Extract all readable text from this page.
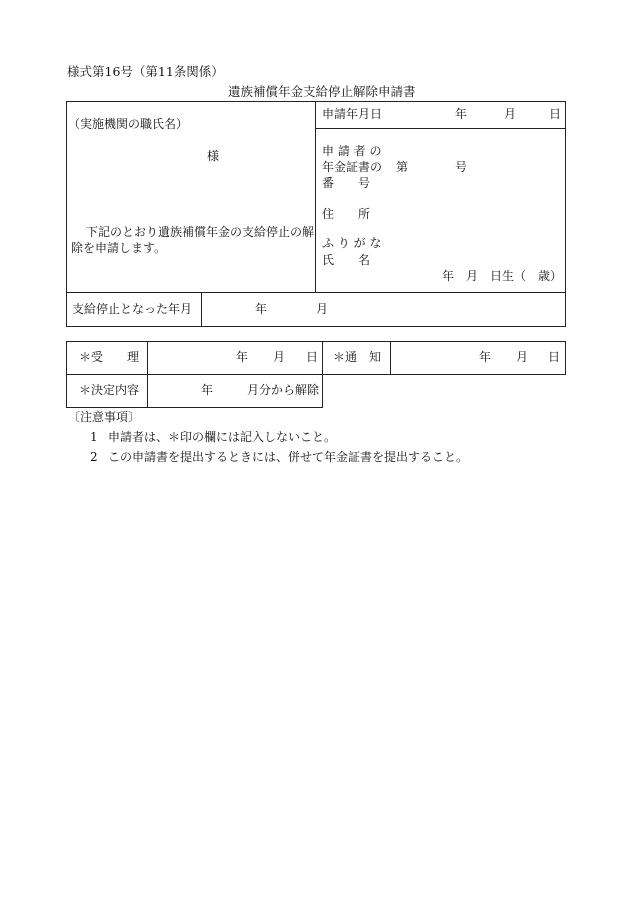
様式第16号（第11条関係）
遺族補償年金支給停止解除申請書
（実施機関の職氏名）
様
下記のとおり遺族補償年金の支給停止の解
除を申請します。
申請年月日	年	月	日
申 請 者 の
年金証書の 第	号
番　　号
住　　所
ふ り が な
氏　　名
年　月　日生（　歳）
支給停止となった年月	年	月
＊受　　理	年 月 日 ＊通　知	年 月 日
＊決定内容	年	月分から解除
〔注意事項〕
1 申請者は、＊印の欄には記入しないこと。
2 この申請書を提出するときには、併せて年金証書を提出すること。
